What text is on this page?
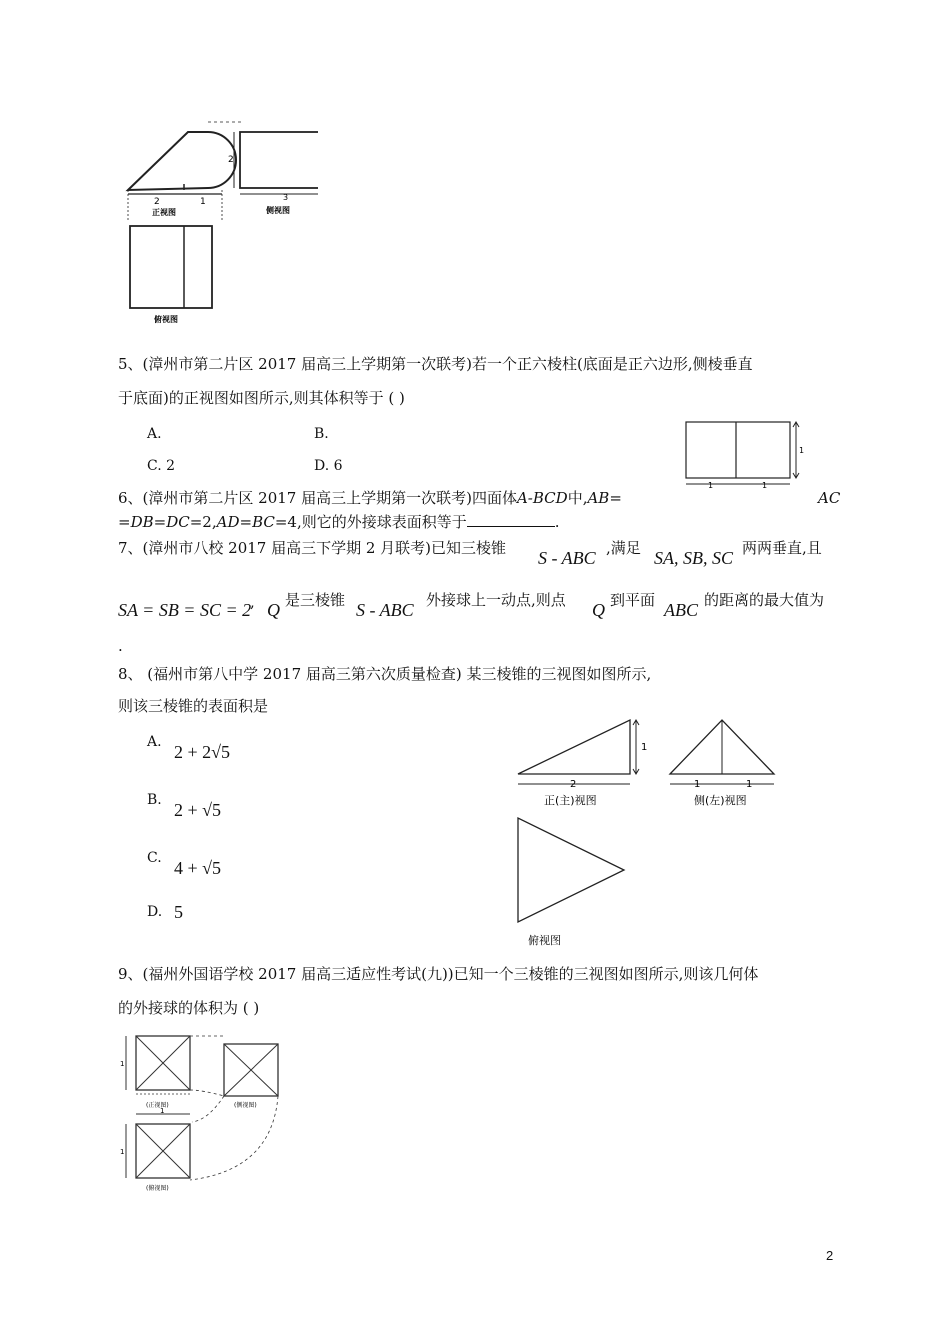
2	1
正视图
2
3
侧视图
俯视图
5、(漳州市第二片区 2017 届高三上学期第一次联考)若一个正六棱柱(底面是正六边形,侧棱垂直
于底面)的正视图如图所示,则其体积等于 ( )
A.	B.
C. 2	D. 6
1
1	1
6、(漳州市第二片区 2017 届高三上学期第一次联考)四面体A-BCD中,AB=	AC
=DB=DC=2,AD=BC=4,则它的外接球表面积等于	.
7、(漳州市八校 2017 届高三下学期 2 月联考)已知三棱锥 S - ABC ,满足 SA, SB, SC 两两垂直,且
SA = SB = SC = 2
, Q 是三棱锥 S - ABC 外接球上一动点,则点 Q 到平面 ABC 的距离的最大值为
.
8、 (福州市第八中学 2017 届高三第六次质量检查) 某三棱锥的三视图如图所示,
则该三棱锥的表面积是
A. 2 + 2√5
B. 2 + √5
C. 4 + √5
D. 5
1
2
正(主)视图
1	1
侧(左)视图
俯视图
9、(福州外国语学校 2017 届高三适应性考试(九))已知一个三棱锥的三视图如图所示,则该几何体
的外接球的体积为 ( )
1
(正视图)	(侧视图)
1
1
(俯视图)
2
